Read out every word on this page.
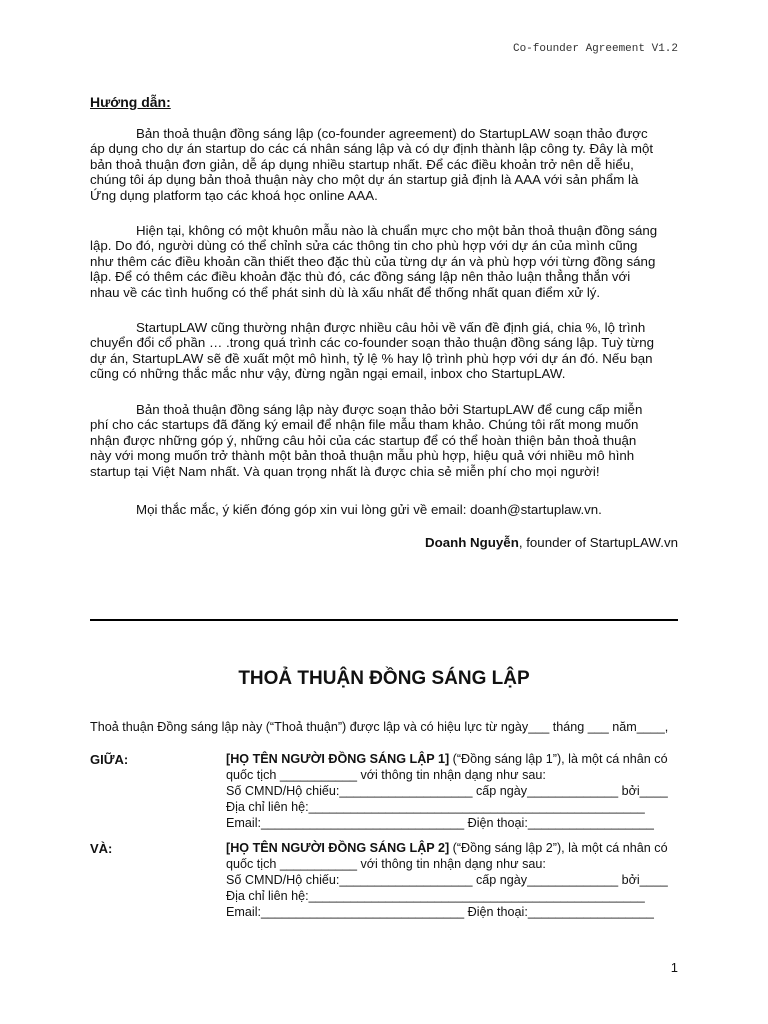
Co-founder Agreement V1.2
Hướng dẫn:
Bản thoả thuận đồng sáng lập (co-founder agreement) do StartupLAW soạn thảo được
áp dụng cho dự án startup do các cá nhân sáng lập và có dự định thành lập công ty. Đây là một
bản thoả thuận đơn giản, dễ áp dụng nhiều startup nhất. Để các điều khoản trở nên dễ hiểu,
chúng tôi áp dụng bản thoả thuận này cho một dự án startup giả định là AAA với sản phẩm là
Ứng dụng platform tạo các khoá học online AAA.
Hiện tại, không có một khuôn mẫu nào là chuẩn mực cho một bản thoả thuận đồng sáng
lập. Do đó, người dùng có thể chỉnh sửa các thông tin cho phù hợp với dự án của mình cũng
như thêm các điều khoản cần thiết theo đặc thù của từng dự án và phù hợp với từng đồng sáng
lập. Để có thêm các điều khoản đặc thù đó, các đồng sáng lập nên thảo luận thẳng thắn với
nhau về các tình huống có thể phát sinh dù là xấu nhất để thống nhất quan điểm xử lý.
StartupLAW cũng thường nhận được nhiều câu hỏi về vấn đề định giá, chia %, lộ trình
chuyển đổi cổ phần … .trong quá trình các co-founder soạn thảo thuận đồng sáng lập. Tuỳ từng
dự án, StartupLAW sẽ đề xuất một mô hình, tỷ lệ % hay lộ trình phù hợp với dự án đó. Nếu bạn
cũng có những thắc mắc như vậy, đừng ngần ngại email, inbox cho StartupLAW.
Bản thoả thuận đồng sáng lập này được soạn thảo bởi StartupLAW để cung cấp miễn
phí cho các startups đã đăng ký email để nhận file mẫu tham khảo. Chúng tôi rất mong muốn
nhận được những góp ý, những câu hỏi của các startup để có thể hoàn thiện bản thoả thuận
này với mong muốn trở thành một bản thoả thuận mẫu phù hợp, hiệu quả với nhiều mô hình
startup tại Việt Nam nhất. Và quan trọng nhất là được chia sẻ miễn phí cho mọi người!
Mọi thắc mắc, ý kiến đóng góp xin vui lòng gửi về email: doanh@startuplaw.vn.
Doanh Nguyễn, founder of StartupLAW.vn
THOẢ THUẬN ĐỒNG SÁNG LẬP
Thoả thuận Đồng sáng lập này (“Thoả thuận”) được lập và có hiệu lực từ ngày___ tháng ___ năm____,
GIỮA:	[HỌ TÊN NGƯỜI ĐỒNG SÁNG LẬP 1] (“Đồng sáng lập 1”), là một cá nhân có
quốc tịch ___________ với thông tin nhận dạng như sau:
Số CMND/Hộ chiếu:___________________ cấp ngày_____________ bởi____
Địa chỉ liên hệ:________________________________________________
Email:_____________________________ Điện thoại:__________________
VÀ:	[HỌ TÊN NGƯỜI ĐỒNG SÁNG LẬP 2] (“Đồng sáng lập 2”), là một cá nhân có
quốc tịch ___________ với thông tin nhận dạng như sau:
Số CMND/Hộ chiếu:___________________ cấp ngày_____________ bởi____
Địa chỉ liên hệ:________________________________________________
Email:_____________________________ Điện thoại:__________________
1
